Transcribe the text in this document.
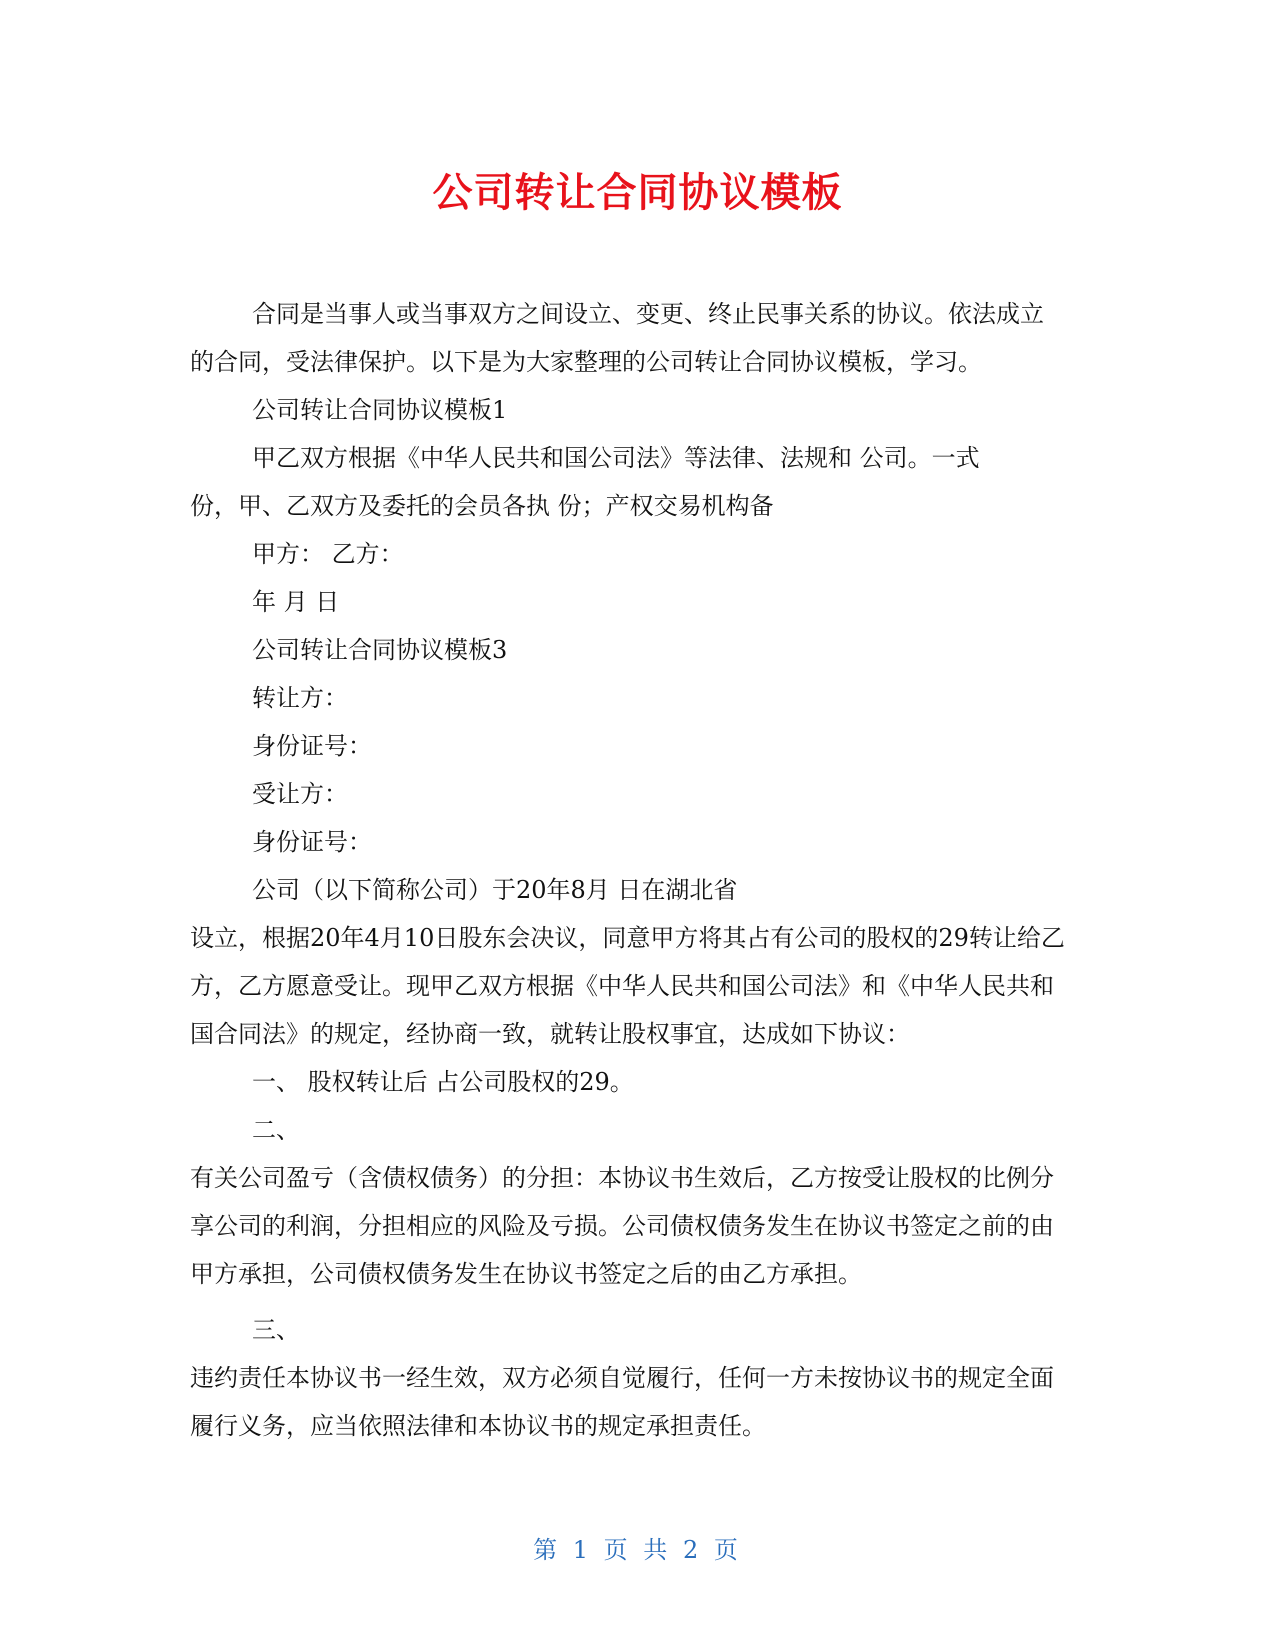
公司转让合同协议模板

合同是当事人或当事双方之间设立、变更、终止民事关系的协议。依法成立

的合同，受法律保护。以下是为大家整理的公司转让合同协议模板，学习。

公司转让合同协议模板1

甲乙双方根据《中华人民共和国公司法》等法律、法规和 公司。一式

份，甲、乙双方及委托的会员各执 份；产权交易机构备

甲方： 乙方：

年 月 日

公司转让合同协议模板3

转让方：

身份证号：

受让方：

身份证号：

公司（以下简称公司）于20年8月 日在湖北省

设立，根据20年4月10日股东会决议，同意甲方将其占有公司的股权的29转让给乙

方，乙方愿意受让。现甲乙双方根据《中华人民共和国公司法》和《中华人民共和

国合同法》的规定，经协商一致，就转让股权事宜，达成如下协议：

一、 股权转让后 占公司股权的29。

二、

有关公司盈亏（含债权债务）的分担：本协议书生效后，乙方按受让股权的比例分

享公司的利润，分担相应的风险及亏损。公司债权债务发生在协议书签定之前的由

甲方承担，公司债权债务发生在协议书签定之后的由乙方承担。

三、

违约责任本协议书一经生效，双方必须自觉履行，任何一方未按协议书的规定全面

履行义务，应当依照法律和本协议书的规定承担责任。

第 1 页 共 2 页
